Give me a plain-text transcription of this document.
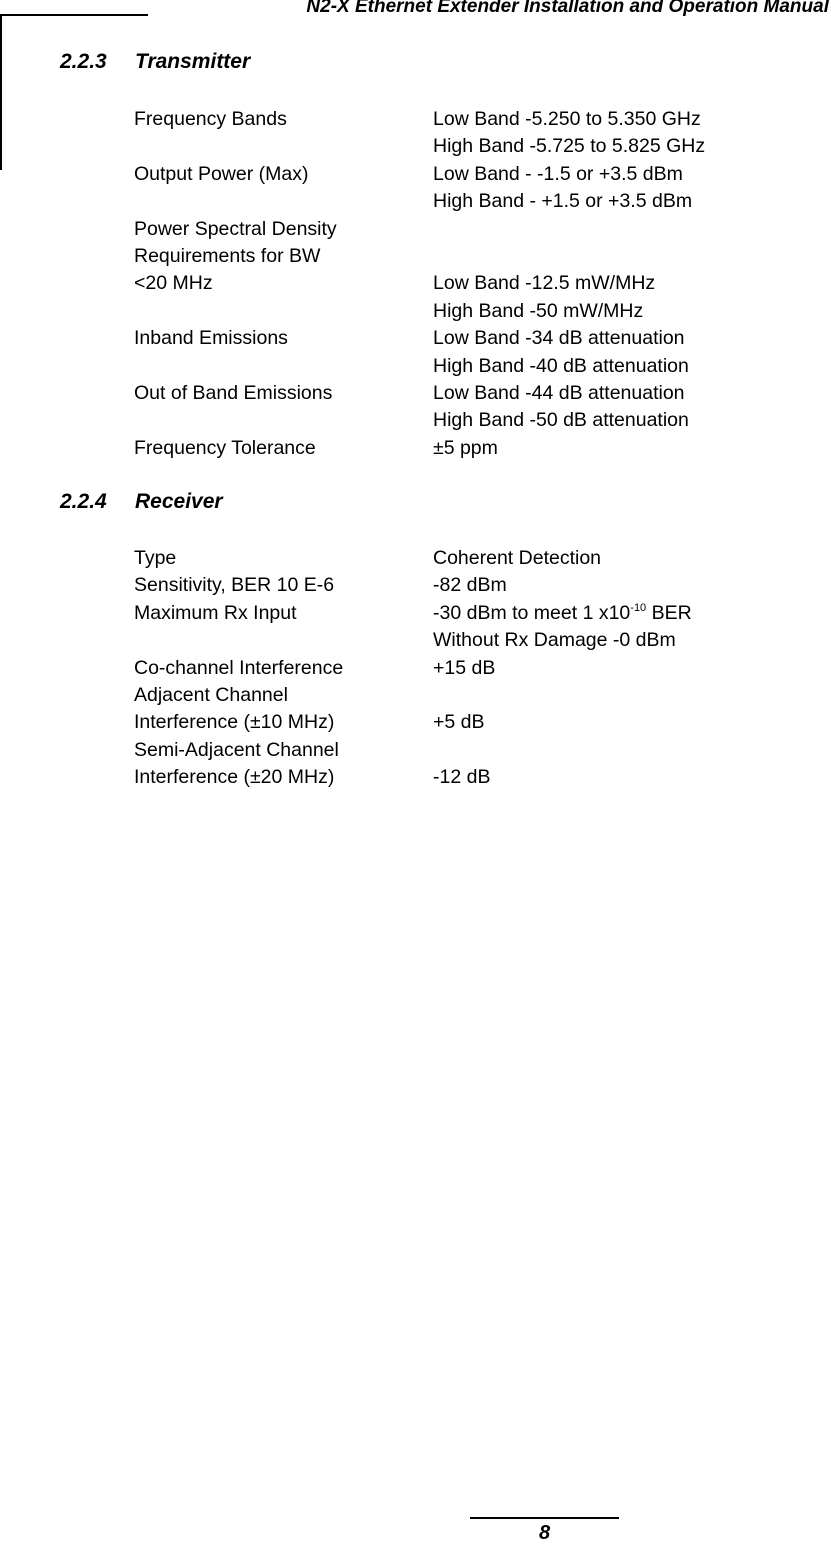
N2-X Ethernet Extender Installation and Operation Manual
2.2.3 Transmitter
Frequency Bands	Low Band -5.250 to 5.350 GHz
High Band -5.725 to 5.825 GHz
Output Power (Max)	Low Band - -1.5 or +3.5 dBm
High Band - +1.5 or +3.5 dBm
Power Spectral Density
Requirements for BW
<20 MHz	Low Band -12.5 mW/MHz
High Band -50 mW/MHz
Inband Emissions	Low Band -34 dB attenuation
High Band -40 dB attenuation
Out of Band Emissions	Low Band -44 dB attenuation
High Band -50 dB attenuation
Frequency Tolerance	±5 ppm
2.2.4 Receiver
Type	Coherent Detection
Sensitivity, BER 10 E-6	-82 dBm
Maximum Rx Input	-30 dBm to meet 1 $x10^{-10}$ BER
Without Rx Damage -0 dBm
Co-channel Interference	+15 dB
Adjacent Channel
Interference (±10 MHz)	+5 dB
Semi-Adjacent Channel
Interference (±20 MHz)	-12 dB
8
